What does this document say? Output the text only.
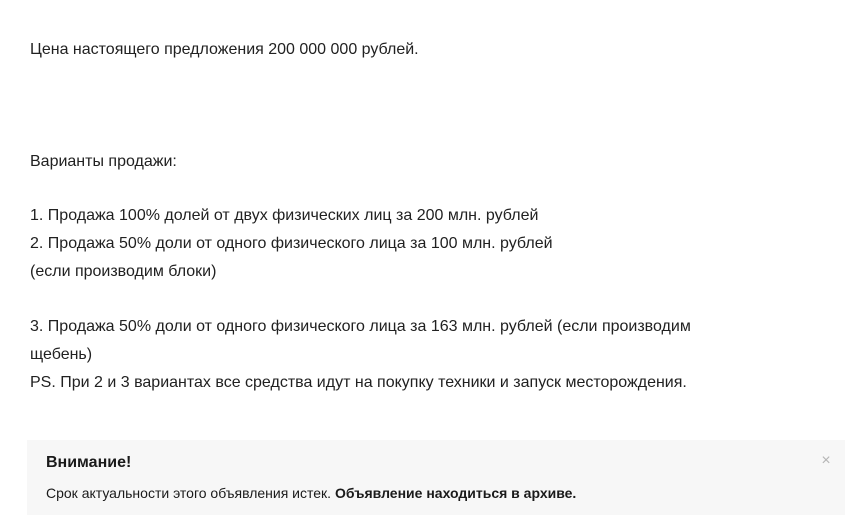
Цена настоящего предложения 200 000 000 рублей.
Варианты продажи:
1. Продажа 100% долей от двух физических лиц за 200 млн. рублей
2. Продажа 50% доли от одного физического лица за 100 млн. рублей
(если производим блоки)
3. Продажа 50% доли от одного физического лица за 163 млн. рублей (если производим
щебень)
PS. При 2 и 3 вариантах все средства идут на покупку техники и запуск месторождения.
Внимание!
Срок актуальности этого объявления истек. Объявление находиться в архиве.
×
